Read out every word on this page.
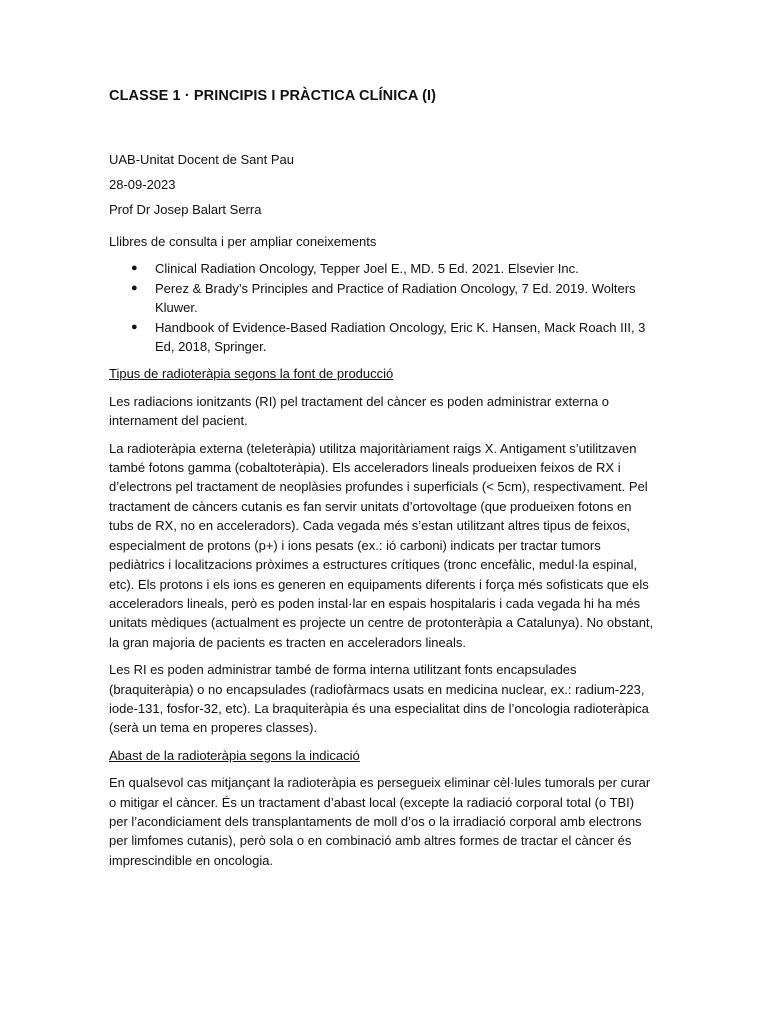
CLASSE 1 · PRINCIPIS I PRÀCTICA CLÍNICA (I)
UAB-Unitat Docent de Sant Pau
28-09-2023
Prof Dr Josep Balart Serra
Llibres de consulta i per ampliar coneixements
● Clinical Radiation Oncology, Tepper Joel E., MD. 5 Ed. 2021. Elsevier Inc.
● Perez & Brady’s Principles and Practice of Radiation Oncology, 7 Ed. 2019. Wolters Kluwer.
● Handbook of Evidence-Based Radiation Oncology, Eric K. Hansen, Mack Roach III, 3 Ed, 2018, Springer.
Tipus de radioteràpia segons la font de producció

Les radiacions ionitzants (RI) pel tractament del càncer es poden administrar externa o internament del pacient.

La radioteràpia externa (teleteràpia) utilitza majoritàriament raigs X. Antigament s’utilitzaven també fotons gamma (cobaltoteràpia). Els acceleradors lineals produeixen feixos de RX i d’electrons pel tractament de neoplàsies profundes i superficials (< 5cm), respectivament. Pel tractament de càncers cutanis es fan servir unitats d’ortovoltage (que produeixen fotons en tubs de RX, no en acceleradors). Cada vegada més s’estan utilitzant altres tipus de feixos, especialment de protons (p+) i ions pesats (ex.: ió carboni) indicats per tractar tumors pediàtrics i localitzacions pròximes a estructures crítiques (tronc encefàlic, medul·la espinal, etc). Els protons i els ions es generen en equipaments diferents i força més sofisticats que els acceleradors lineals, però es poden instal·lar en espais hospitalaris i cada vegada hi ha més unitats mèdiques (actualment es projecte un centre de protonteràpia a Catalunya). No obstant, la gran majoria de pacients es tracten en acceleradors lineals.

Les RI es poden administrar també de forma interna utilitzant fonts encapsulades (braquiteràpia) o no encapsulades (radiofàrmacs usats en medicina nuclear, ex.: radium-223, iode-131, fosfor-32, etc). La braquiteràpia és una especialitat dins de l’oncologia radioteràpica (serà un tema en properes classes).

Abast de la radioteràpia segons la indicació

En qualsevol cas mitjançant la radioteràpia es persegueix eliminar cèl·lules tumorals per curar o mitigar el càncer. És un tractament d’abast local (excepte la radiació corporal total (o TBI) per l’acondiciament dels transplantaments de moll d’os o la irradiació corporal amb electrons per limfomes cutanis), però sola o en combinació amb altres formes de tractar el càncer és imprescindible en oncologia.
